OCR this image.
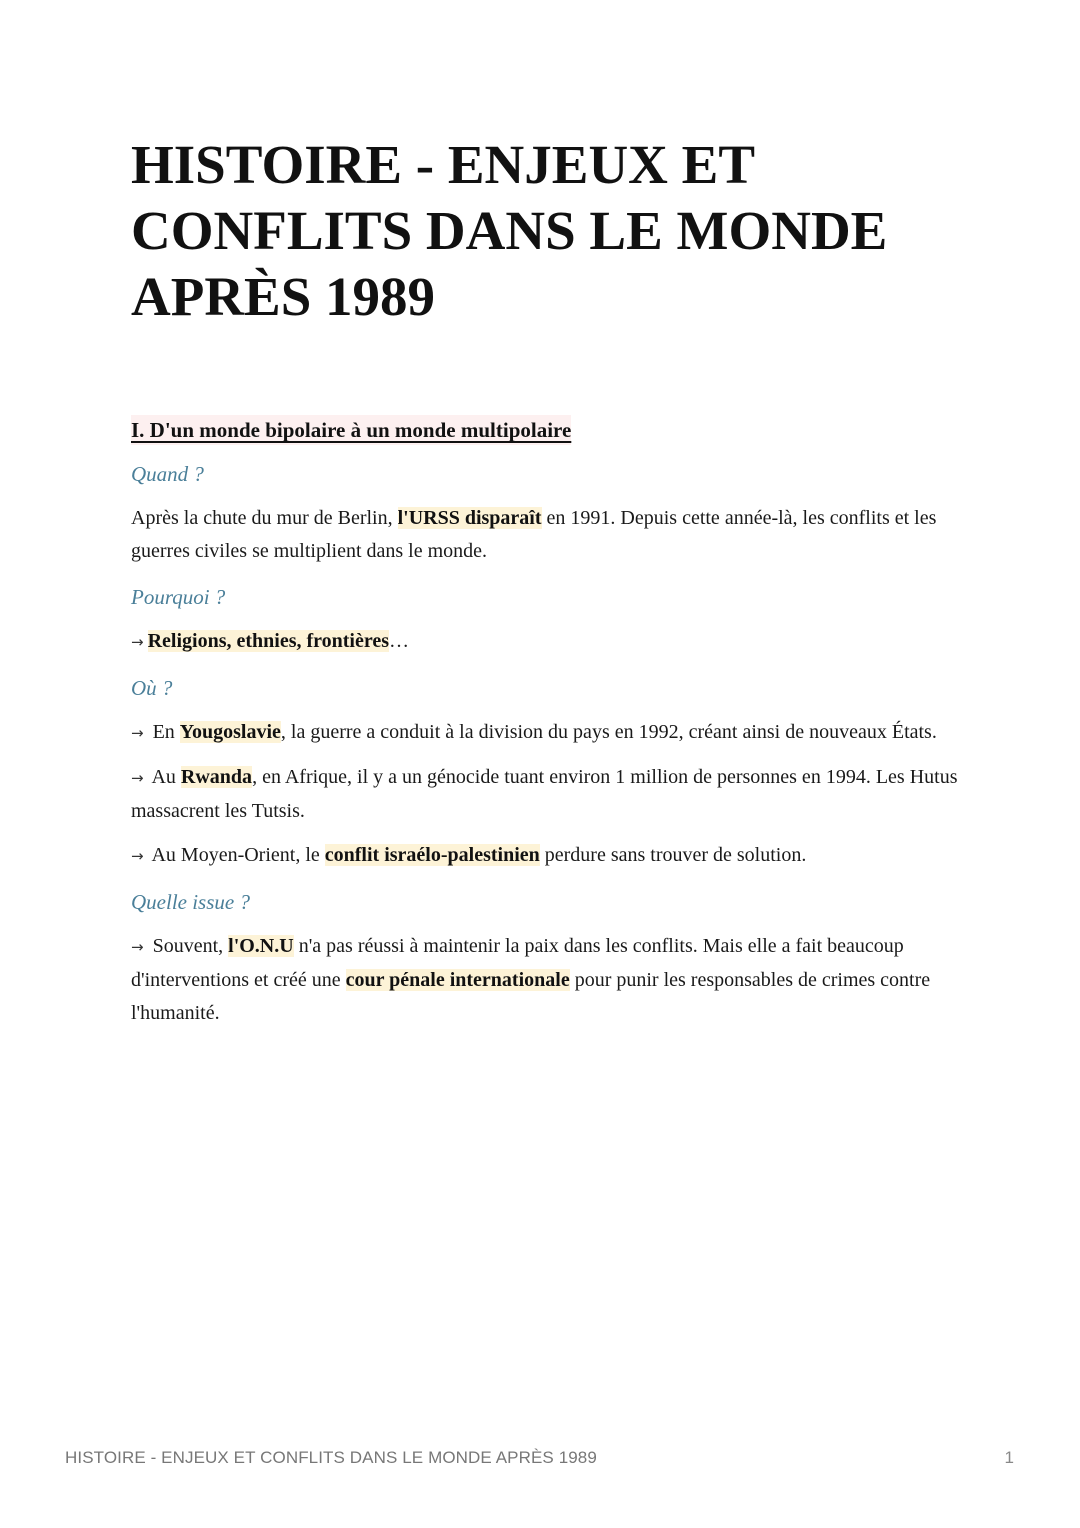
HISTOIRE - ENJEUX ET CONFLITS DANS LE MONDE APRÈS 1989
I. D'un monde bipolaire à un monde multipolaire

Quand ?

Après la chute du mur de Berlin, l'URSS disparaît en 1991. Depuis cette année-là, les conflits et les guerres civiles se multiplient dans le monde.

Pourquoi ?

→ Religions, ethnies, frontières…

Où ?

→ En Yougoslavie, la guerre a conduit à la division du pays en 1992, créant ainsi de nouveaux États.

→ Au Rwanda, en Afrique, il y a un génocide tuant environ 1 million de personnes en 1994. Les Hutus massacrent les Tutsis.

→ Au Moyen-Orient, le conflit israélo-palestinien perdure sans trouver de solution.

Quelle issue ?

→ Souvent, l'O.N.U n'a pas réussi à maintenir la paix dans les conflits. Mais elle a fait beaucoup d'interventions et créé une cour pénale internationale pour punir les responsables de crimes contre l'humanité.

HISTOIRE - ENJEUX ET CONFLITS DANS LE MONDE APRÈS 1989	1
